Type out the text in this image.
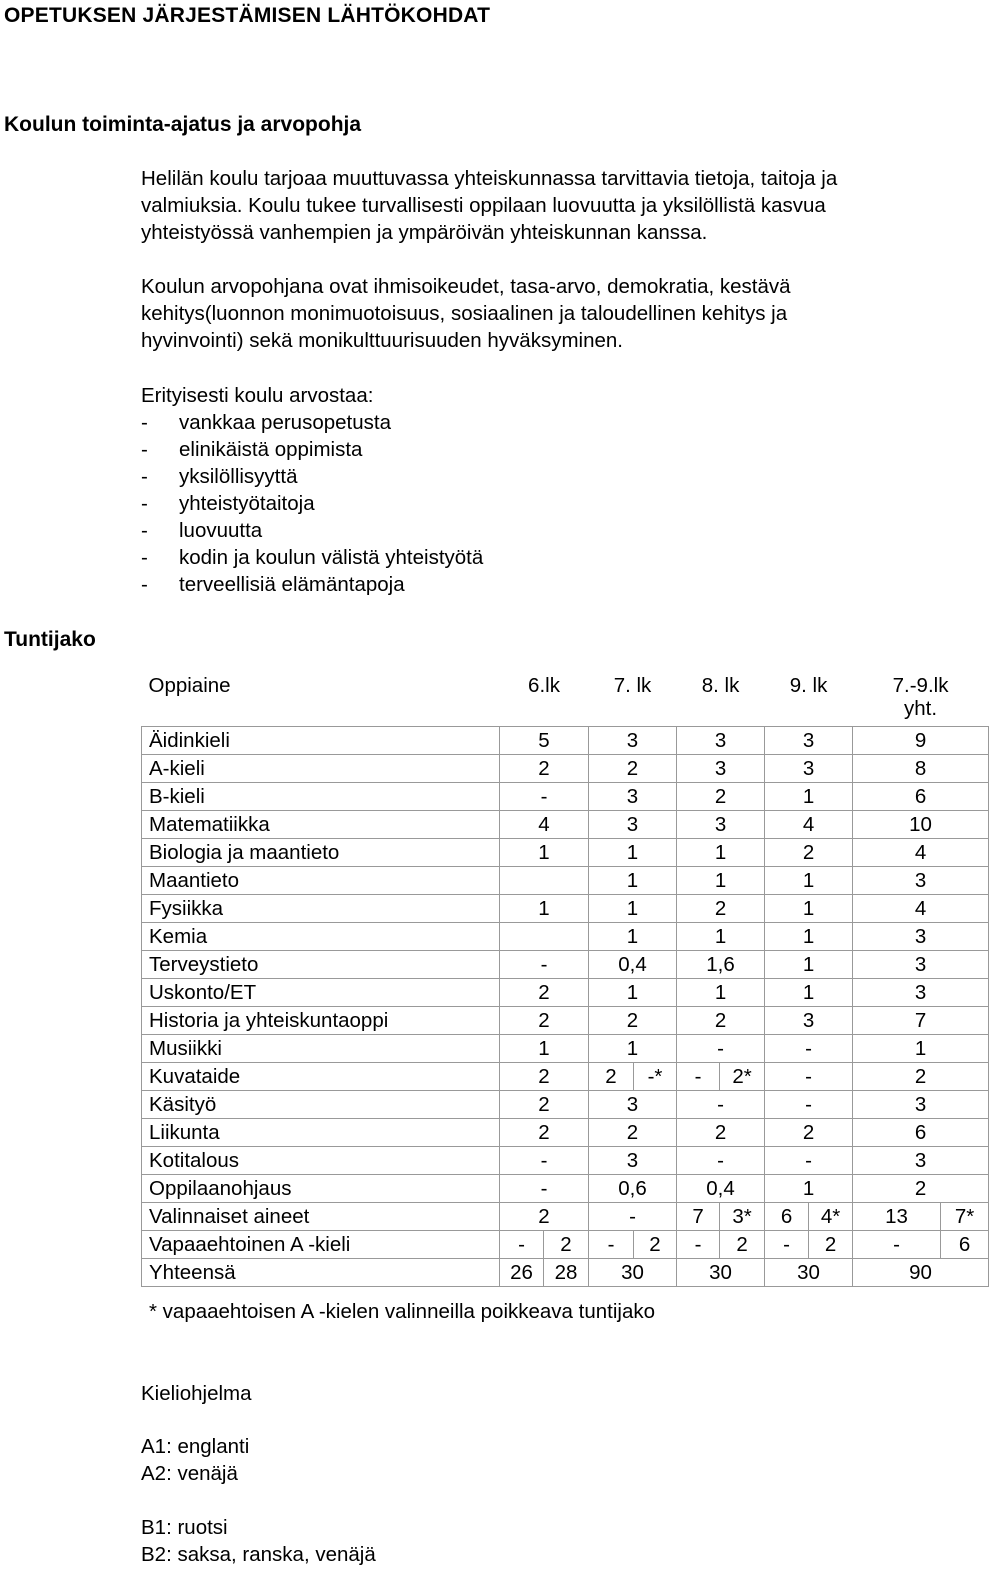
OPETUKSEN JÄRJESTÄMISEN LÄHTÖKOHDAT
Koulun toiminta-ajatus ja arvopohja
Helilän koulu tarjoaa muuttuvassa yhteiskunnassa tarvittavia tietoja, taitoja ja
valmiuksia. Koulu tukee turvallisesti oppilaan luovuutta ja yksilöllistä kasvua
yhteistyössä vanhempien ja ympäröivän yhteiskunnan kanssa.
Koulun arvopohjana ovat ihmisoikeudet, tasa-arvo, demokratia, kestävä
kehitys(luonnon monimuotoisuus, sosiaalinen ja taloudellinen kehitys ja
hyvinvointi) sekä monikulttuurisuuden hyväksyminen.
Erityisesti koulu arvostaa:
- vankkaa perusopetusta
- elinikäistä oppimista
- yksilöllisyyttä
- yhteistyötaitoja
- luovuutta
- kodin ja koulun välistä yhteistyötä
- terveellisiä elämäntapoja
Tuntijako
Oppiaine	6.lk		7. lk		8. lk		9. lk		7.-9.lk	
									yht.	
Äidinkieli	5		3		3		3		9	
A-kieli	2		2		3		3		8	
B-kieli	-		3		2		1		6	
Matematiikka	4		3		3		4		10	
Biologia ja maantieto	1		1		1		2		4	
Maantieto			1		1		1		3	
Fysiikka	1		1		2		1		4	
Kemia			1		1		1		3	
Terveystieto	-		0,4		1,6		1		3	
Uskonto/ET	2		1		1		1		3	
Historia ja yhteiskuntaoppi	2		2		2		3		7	
Musiikki	1		1		-		-		1	
Kuvataide	2		2	-*	-	2*	-		2	
Käsityö	2		3		-		-		3	
Liikunta	2		2		2		2		6	
Kotitalous	-		3		-		-		3	
Oppilaanohjaus	-		0,6		0,4		1		2	
Valinnaiset aineet	2		-		7	3*	6	4*	13	7*
Vapaaehtoinen A -kieli	-	2	-	2	-	2	-	2	-	6
Yhteensä	26	28	30		30		30		90	
* vapaaehtoisen A -kielen valinneilla poikkeava tuntijako
Kieliohjelma
A1: englanti
A2: venäjä
B1: ruotsi
B2: saksa, ranska, venäjä
